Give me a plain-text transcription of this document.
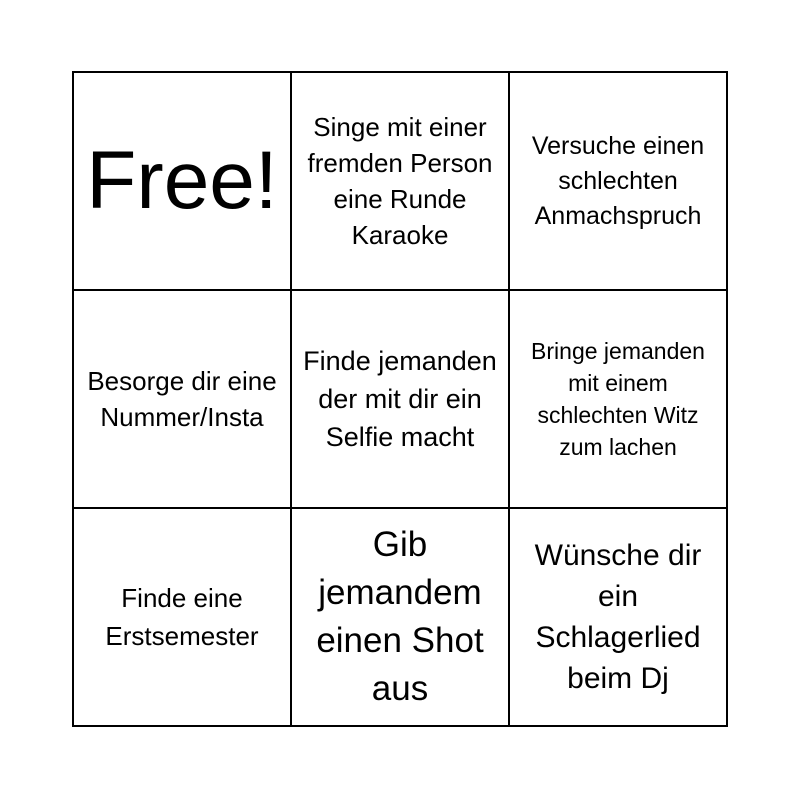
Free!
Singe mit einer fremden Person eine Runde Karaoke
Versuche einen schlechten Anmachspruch
Besorge dir eine Nummer/Insta
Finde jemanden der mit dir ein Selfie macht
Bringe jemanden mit einem schlechten Witz zum lachen
Finde eine Erstsemester
Gib jemandem einen Shot aus
Wünsche dir ein Schlagerlied beim Dj
